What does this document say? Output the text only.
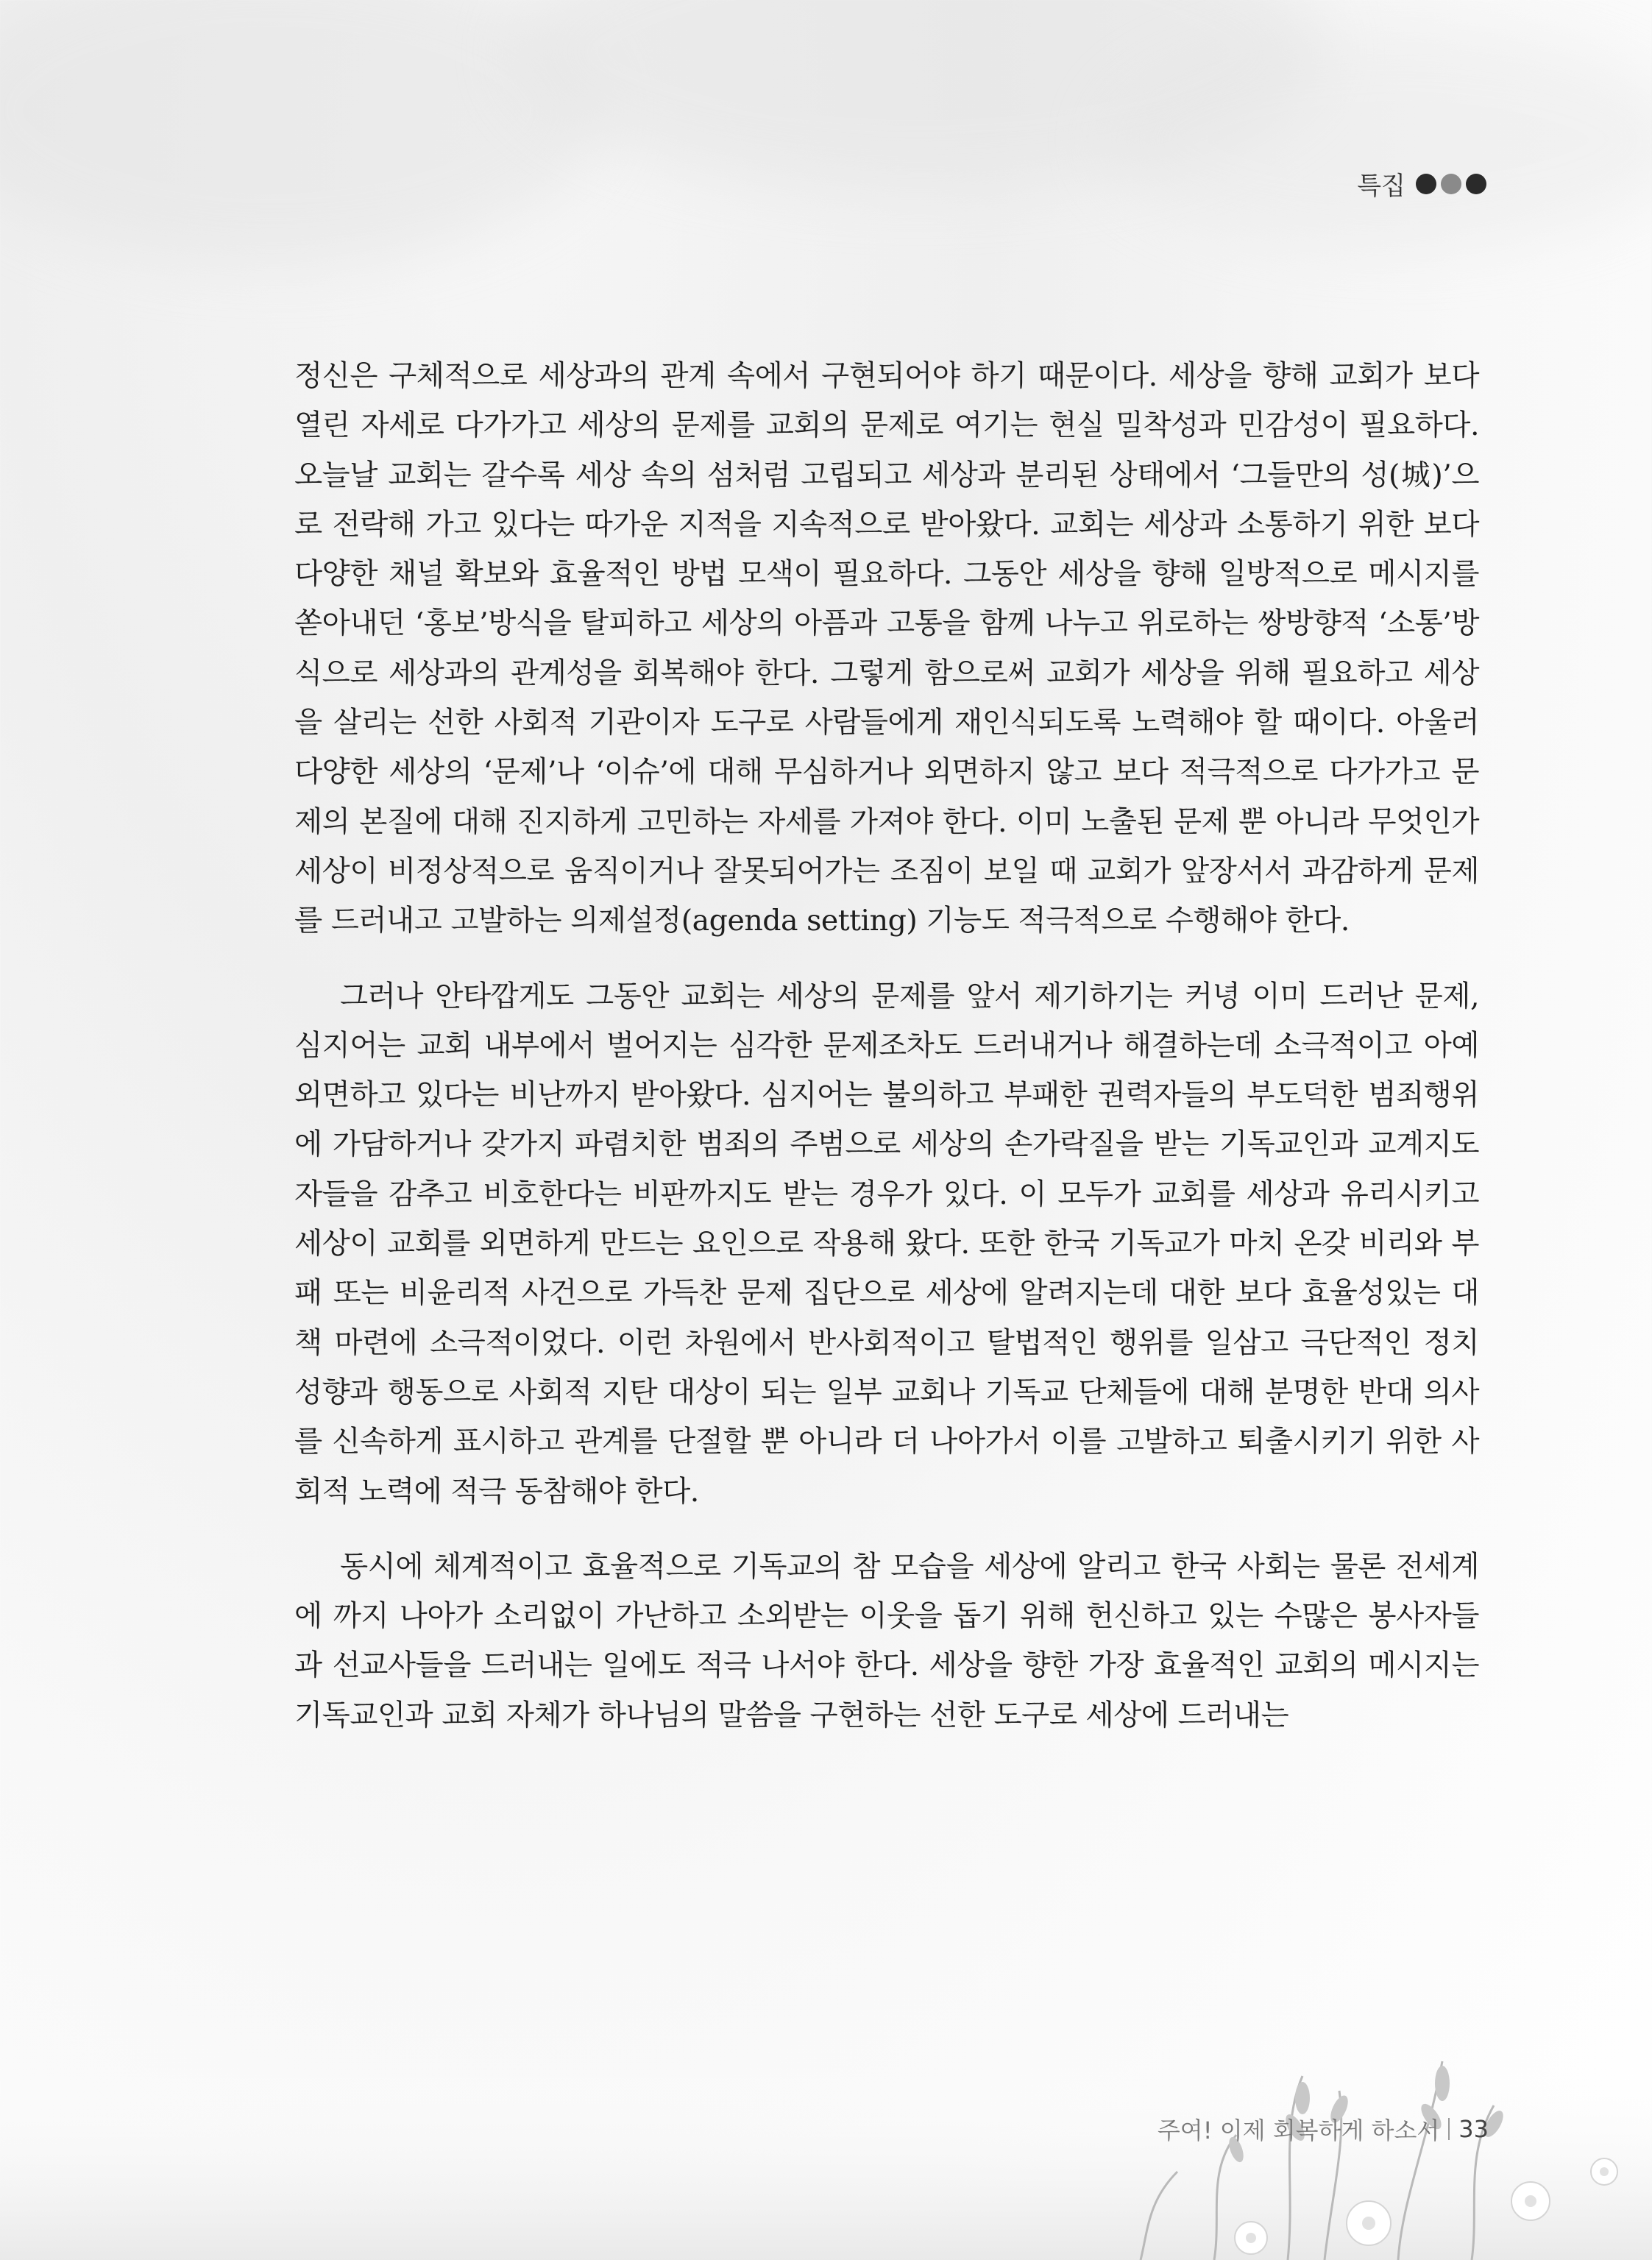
특집

정신은 구체적으로 세상과의 관계 속에서 구현되어야 하기 때문이다. 세상을 향해 교회가 보다 열린 자세로 다가가고 세상의 문제를 교회의 문제로 여기는 현실 밀착성과 민감성이 필요하다. 오늘날 교회는 갈수록 세상 속의 섬처럼 고립되고 세상과 분리된 상태에서 ‘그들만의 성(城)’으로 전락해 가고 있다는 따가운 지적을 지속적으로 받아왔다. 교회는 세상과 소통하기 위한 보다 다양한 채널 확보와 효율적인 방법 모색이 필요하다. 그동안 세상을 향해 일방적으로 메시지를 쏟아내던 ‘홍보’방식을 탈피하고 세상의 아픔과 고통을 함께 나누고 위로하는 쌍방향적 ‘소통’방식으로 세상과의 관계성을 회복해야 한다. 그렇게 함으로써 교회가 세상을 위해 필요하고 세상을 살리는 선한 사회적 기관이자 도구로 사람들에게 재인식되도록 노력해야 할 때이다. 아울러 다양한 세상의 ‘문제’나 ‘이슈’에 대해 무심하거나 외면하지 않고 보다 적극적으로 다가가고 문제의 본질에 대해 진지하게 고민하는 자세를 가져야 한다. 이미 노출된 문제 뿐 아니라 무엇인가 세상이 비정상적으로 움직이거나 잘못되어가는 조짐이 보일 때 교회가 앞장서서 과감하게 문제를 드러내고 고발하는 의제설정(agenda setting) 기능도 적극적으로 수행해야 한다.

그러나 안타깝게도 그동안 교회는 세상의 문제를 앞서 제기하기는 커녕 이미 드러난 문제, 심지어는 교회 내부에서 벌어지는 심각한 문제조차도 드러내거나 해결하는데 소극적이고 아예 외면하고 있다는 비난까지 받아왔다. 심지어는 불의하고 부패한 권력자들의 부도덕한 범죄행위에 가담하거나 갖가지 파렴치한 범죄의 주범으로 세상의 손가락질을 받는 기독교인과 교계지도자들을 감추고 비호한다는 비판까지도 받는 경우가 있다. 이 모두가 교회를 세상과 유리시키고 세상이 교회를 외면하게 만드는 요인으로 작용해 왔다. 또한 한국 기독교가 마치 온갖 비리와 부패 또는 비윤리적 사건으로 가득찬 문제 집단으로 세상에 알려지는데 대한 보다 효율성있는 대책 마련에 소극적이었다. 이런 차원에서 반사회적이고 탈법적인 행위를 일삼고 극단적인 정치 성향과 행동으로 사회적 지탄 대상이 되는 일부 교회나 기독교 단체들에 대해 분명한 반대 의사를 신속하게 표시하고 관계를 단절할 뿐 아니라 더 나아가서 이를 고발하고 퇴출시키기 위한 사회적 노력에 적극 동참해야 한다.

동시에 체계적이고 효율적으로 기독교의 참 모습을 세상에 알리고 한국 사회는 물론 전세계에 까지 나아가 소리없이 가난하고 소외받는 이웃을 돕기 위해 헌신하고 있는 수많은 봉사자들과 선교사들을 드러내는 일에도 적극 나서야 한다. 세상을 향한 가장 효율적인 교회의 메시지는 기독교인과 교회 자체가 하나님의 말씀을 구현하는 선한 도구로 세상에 드러내는

주여! 이제 회복하게 하소서 33
